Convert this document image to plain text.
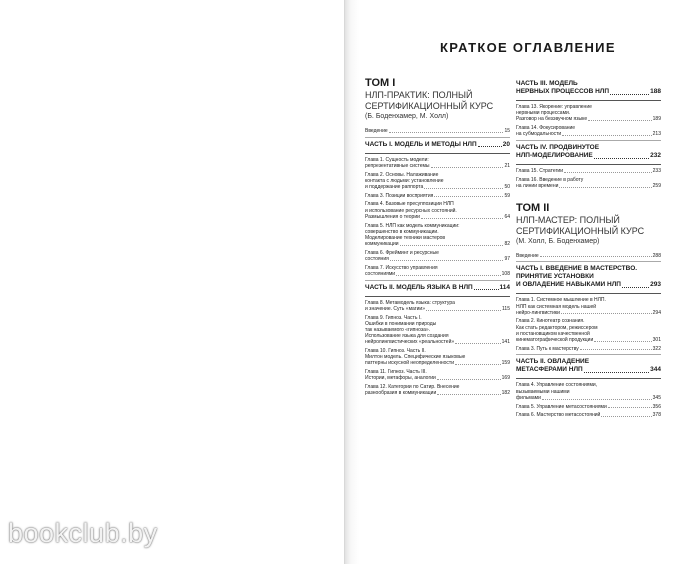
bookclub.by
КРАТКОЕ ОГЛАВЛЕНИЕ
ТОМ I
НЛП-ПРАКТИК: ПОЛНЫЙ
СЕРТИФИКАЦИОННЫЙ КУРС
(Б. Боденхамер, М. Холл)
Введение	15
ЧАСТЬ I. МОДЕЛЬ И МЕТОДЫ НЛП	20
Глава 1. Сущность модели:
репрезентативные системы	21
Глава 2. Основы. Налаживание
контакта с людьми: установление
и поддержание раппорта	50
Глава 3. Позиции восприятия	59
Глава 4. Базовые пресуппозиции НЛП
и использование ресурсных состояний.
Размышления о теории	64
Глава 5. НЛП как модель коммуникации:
совершенство в коммуникации.
Моделирование техники мастеров
коммуникации	82
Глава 6. Фрейминг и ресурсные
состояния	97
Глава 7. Искусство управления
состояниями	108
ЧАСТЬ II. МОДЕЛЬ ЯЗЫКА В НЛП	114
Глава 8. Метамодель языка: структура
и значение. Суть «магии»	115
Глава 9. Гипноз. Часть I.
Ошибки в понимании природы
так называемого «гипноза».
Использование языка для создания
нейролингвистических «реальностей»	141
Глава 10. Гипноз. Часть II.
Милтон модель. Специфические языковые
паттерны искусной неопределенности	159
Глава 11. Гипноз. Часть III.
Истории, метафоры, аналогии	169
Глава 12. Категории по Сатир. Внесение
разнообразия в коммуникации	182
ЧАСТЬ III. МОДЕЛЬ
НЕРВНЫХ ПРОЦЕССОВ НЛП	188
Глава 13. Якорение: управление
нервными процессами.
Разговор на безэвучном языке	189
Глава 14. Фокусирование
на субмодальности	213
ЧАСТЬ IV. ПРОДВИНУТОЕ
НЛП-МОДЕЛИРОВАНИЕ	232
Глава 15. Стратегии	233
Глава 16. Введение в работу
на линии времени	259
ТОМ II
НЛП-МАСТЕР: ПОЛНЫЙ
СЕРТИФИКАЦИОННЫЙ КУРС
(М. Холл, Б. Боденхамер)
Введение	288
ЧАСТЬ I. ВВЕДЕНИЕ В МАСТЕРСТВО.
ПРИНЯТИЕ УСТАНОВКИ
И ОВЛАДЕНИЕ НАВЫКАМИ НЛП	293
Глава 1. Системное мышление в НЛП.
НЛП как системная модель нашей
нейро-лингвистики	294
Глава 2. Кинотеатр сознания.
Как стать редактором, режиссером
и постановщиком качественной
кинематографической продукции	301
Глава 3. Путь к мастерству	322
ЧАСТЬ II. ОВЛАДЕНИЕ
МЕТАСФЕРАМИ НЛП	344
Глава 4. Управление состояниями,
вызываемыми нашими
фильмами	345
Глава 5. Управление метасостояниями	356
Глава 6. Мастерство метасостояний	378
